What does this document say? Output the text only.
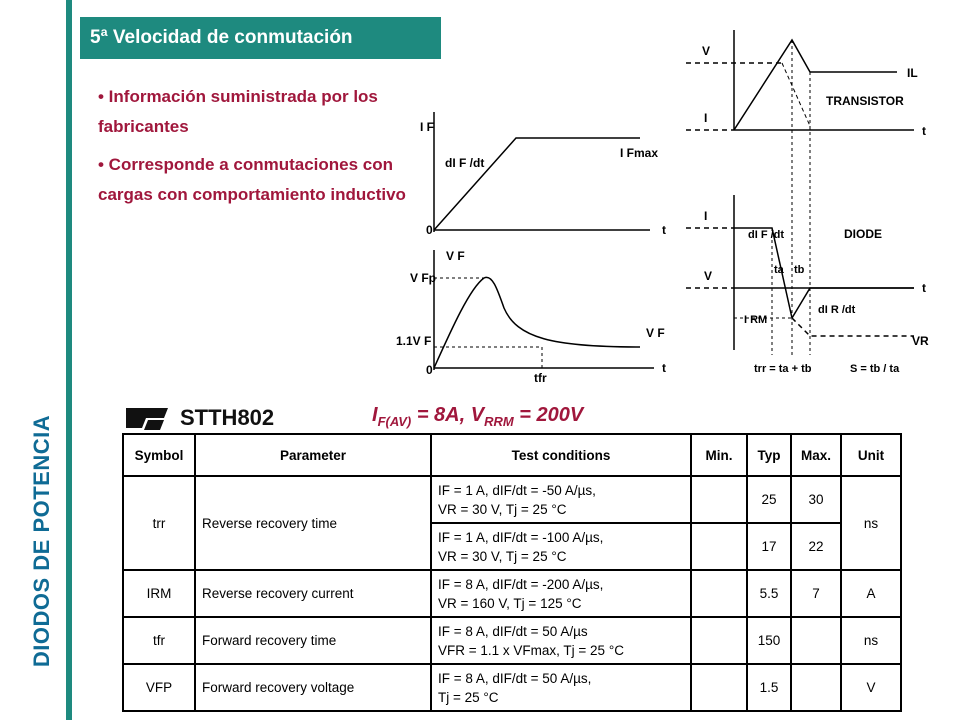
DIODOS DE POTENCIA
5ª Velocidad de conmutación

• Información suministrada por los fabricantes

• Corresponde a conmutaciones con cargas con comportamiento inductivo

I F
dI F /dt
I Fmax
0	t
V F
V Fp
1.1V F
V F
0	t
tfr
V
I
IL
TRANSISTOR
t
I
dI F /dt	DIODE
ta tb
V
t
I RM
dI R /dt
VR
trr = ta + tb	S = tb / ta
STTH802	$I_{F(AV)} = 8A$, $V_{RRM} = 200V$
Symbol	Parameter	Test conditions	Min.	Typ	Max.	Unit
trr	Reverse recovery time	IF = 1 A, dIF/dt = -50 A/µs,
VR = 30 V, Tj = 25 °C		25	30	ns

		IF = 1 A, dIF/dt = -100 A/µs,
VR = 30 V, Tj = 25 °C		17	22	
IRM	Reverse recovery current	IF = 8 A, dIF/dt = -200 A/µs,
VR = 160 V, Tj = 125 °C		5.5	7	A
tfr	Forward recovery time	IF = 8 A, dIF/dt = 50 A/µs
VFR = 1.1 x VFmax, Tj = 25 °C		150		ns
VFP	Forward recovery voltage	IF = 8 A, dIF/dt = 50 A/µs,
Tj = 25 °C		1.5		V
